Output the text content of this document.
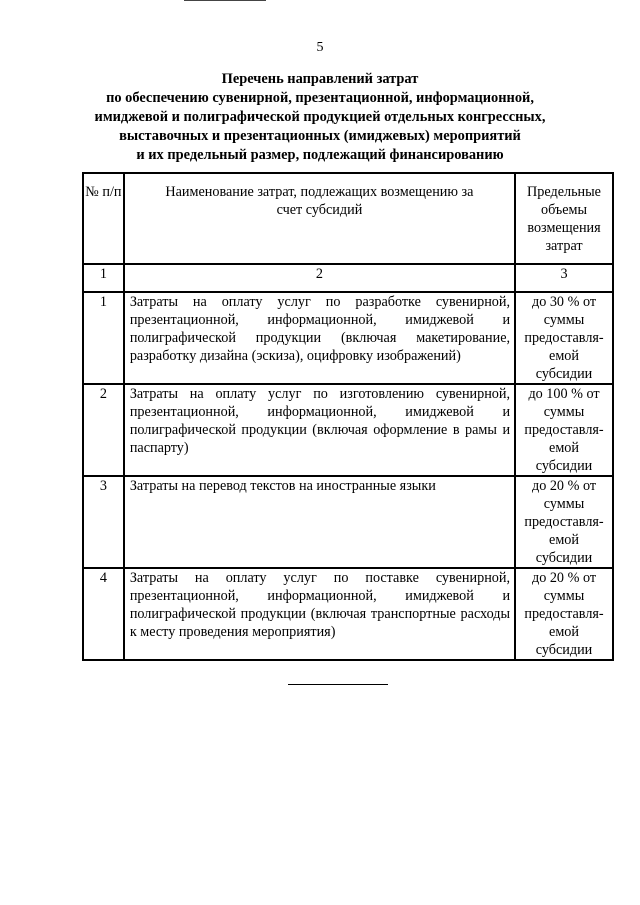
5
Перечень направлений затрат
по обеспечению сувенирной, презентационной, информационной,
имиджевой и полиграфической продукцией отдельных конгрессных,
выставочных и презентационных (имиджевых) мероприятий
и их предельный размер, подлежащий финансированию
№ п/п	Наименование затрат, подлежащих возмещению за счет субсидий	Предельные объемы возмещения затрат

1	2	3
1	Затраты на оплату услуг по разработке сувенирной, презентационной, информационной, имиджевой и полиграфической продукции (включая макетирование, разработку дизайна (эскиза), оцифровку изображений)	до 30 % от суммы предоставля-емой субсидии

2	Затраты на оплату услуг по изготовлению сувенирной, презентационной, информационной, имиджевой и полиграфической продукции (включая оформление в рамы и паспарту)	до 100 % от суммы предоставля-емой субсидии

3	Затраты на перевод текстов на иностранные языки	до 20 % от суммы предоставля-емой субсидии

4	Затраты на оплату услуг по поставке сувенирной, презентационной, информационной, имиджевой и полиграфической продукции (включая транспортные расходы к месту проведения мероприятия)	до 20 % от суммы предоставля-емой субсидии
